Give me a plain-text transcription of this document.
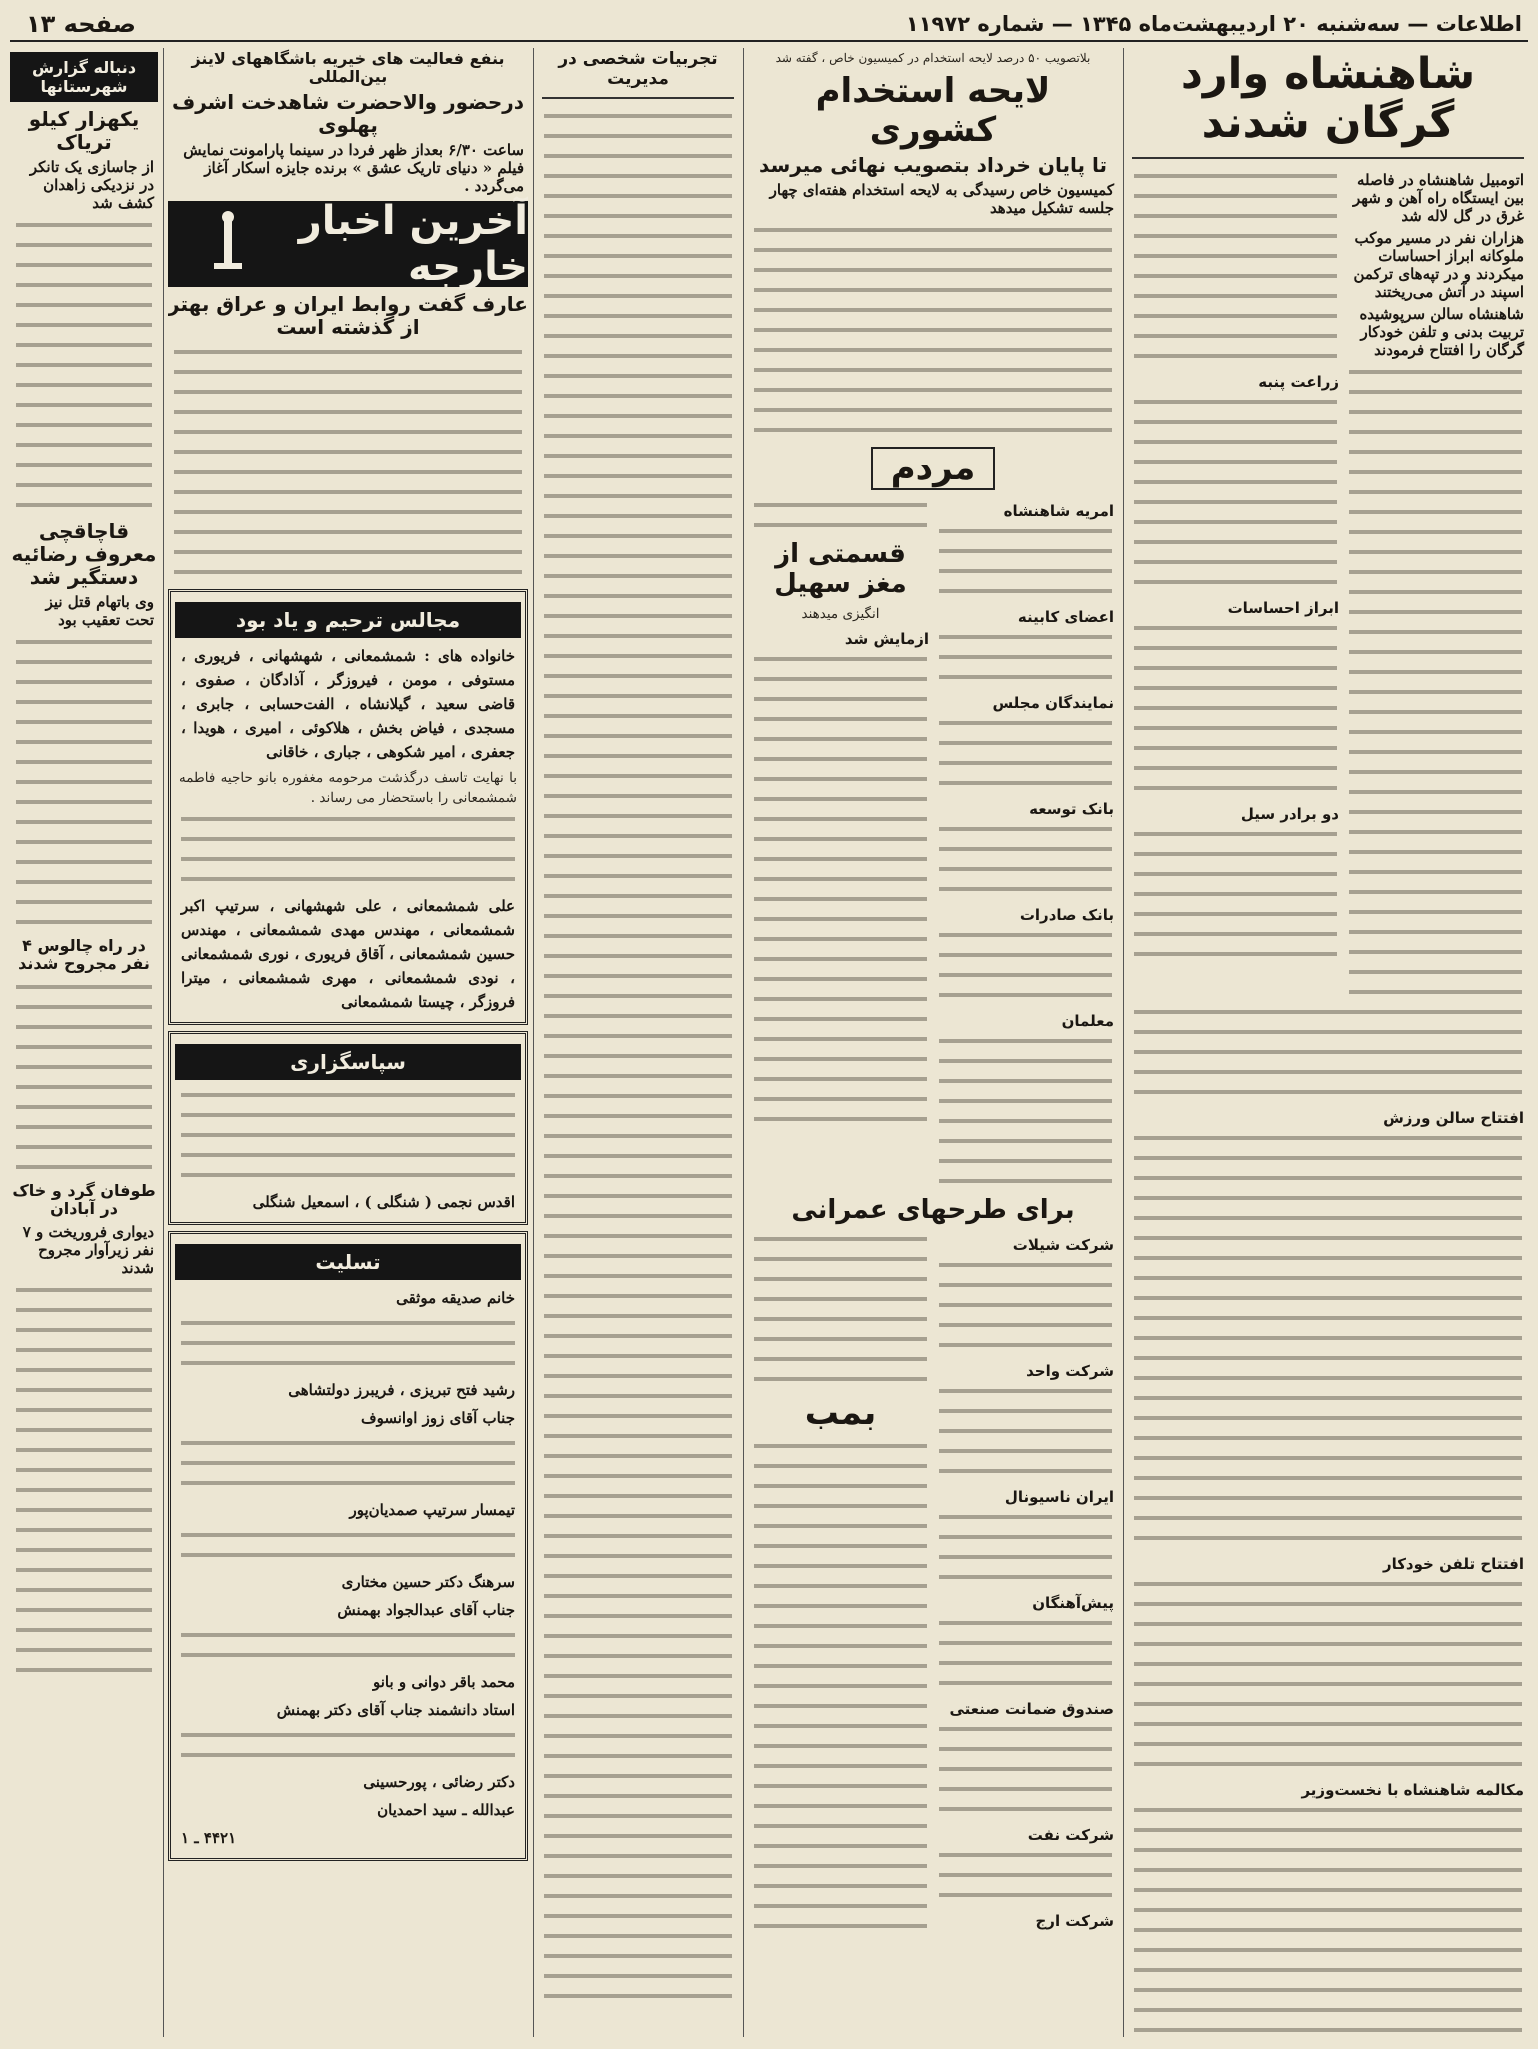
اطلاعات — سه‌شنبه ۲۰ اردیبهشت‌ماه ۱۳۴۵ — شماره ۱۱۹۷۲
صفحه ۱۳
شاهنشاه وارد گرگان شدند
اتومبیل شاهنشاه در فاصله بین ایستگاه راه آهن و شهر غرق در گل لاله شد
هزاران نفر در مسیر موکب ملوکانه ابراز احساسات میکردند و در تپه‌های ترکمن اسپند در آتش می‌ریختند
شاهنشاه سالن سرپوشیده تربیت بدنی و تلفن خودکار گرگان را افتتاح فرمودند
زراعت پنبه
ابراز احساسات
دو برادر سیل
افتتاح سالن ورزش
افتتاح تلفن خودکار
مکالمه شاهنشاه با نخست‌وزیر
بلاتصویب ۵۰ درصد لایحه استخدام در کمیسیون خاص ، گفته شد
لایحه استخدام کشوری
تا پایان خرداد بتصویب نهائی میرسد
کمیسیون خاص رسیدگی به لایحه استخدام هفته‌ای چهار جلسه تشکیل میدهد
مردم
امریه شاهنشاه
اعضای کابینه
نمایندگان مجلس
بانک توسعه
بانک صادرات
معلمان
قسمتی از مغز سهیل
انگیزی میدهند
ازمایش شد
برای طرحهای عمرانی
شرکت شیلات
شرکت واحد
ایران ناسیونال
پیش‌آهنگان
صندوق ضمانت صنعتی
شرکت نفت
شرکت ارج
بمب
تجربیات شخصی در مدیریت
بنفع فعالیت های خیریه باشگاههای لاینز بین‌المللی
درحضور والاحضرت شاهدخت اشرف پهلوی
ساعت ۶/۳۰ بعداز ظهر فردا در سینما پارامونت نمایش فیلم « دنیای تاریک عشق » برنده جایزه اسکار آغاز می‌گردد .
آخرین اخبار خارجه
عارف گفت روابط ایران و عراق بهتر از گذشته است
مجالس ترحیم و یاد بود
خانواده های : شمشمعانی ، شهشهانی ، فریوری ، مستوفی ، مومن ، فیروزگر ، آذادگان ، صفوی ، قاضی سعید ، گیلانشاه ، الفت‌حسابی ، جابری ، مسجدی ، فیاض بخش ، هلاکوئی ، امیری ، هویدا ، جعفری ، امیر شکوهی ، جباری ، خاقانی
با نهایت تاسف درگذشت مرحومه مغفوره بانو حاجیه فاطمه شمشمعانی را باستحضار می رساند .
علی شمشمعانی ، علی شهشهانی ، سرتیپ اکبر شمشمعانی ، مهندس مهدی شمشمعانی ، مهندس حسین شمشمعانی ، آقاق فریوری ، نوری شمشمعانی ، نودی شمشمعانی ، مهری شمشمعانی ، میترا فروزگر ، چیستا شمشمعانی
سپاسگزاری
اقدس نجمی ( شنگلی ) ، اسمعیل شنگلی
تسلیت
خانم صدیقه موثقی
رشید فتح تبریزی ، فریبرز دولتشاهی
جناب آقای زوز اوانسوف
تیمسار سرتیپ صمدیان‌پور
سرهنگ دکتر حسین مختاری
جناب آقای عبدالجواد بهمنش
محمد باقر دوانی و بانو
استاد دانشمند جناب آقای دکتر بهمنش
دکتر رضائی ، پورحسینی
عبدالله ـ سید احمدیان
۴۴۲۱ ـ ۱
دنباله گزارش شهرستانها
یکهزار کیلو تریاک
از جاسازی یک تانکر در نزدیکی زاهدان کشف شد
قاچاقچی معروف رضائیه دستگیر شد
وی باتهام قتل نیز تحت تعقیب بود
در راه چالوس ۴ نفر مجروح شدند
طوفان گرد و خاک در آبادان
دیواری فروریخت و ۷ نفر زیرآوار مجروح شدند
